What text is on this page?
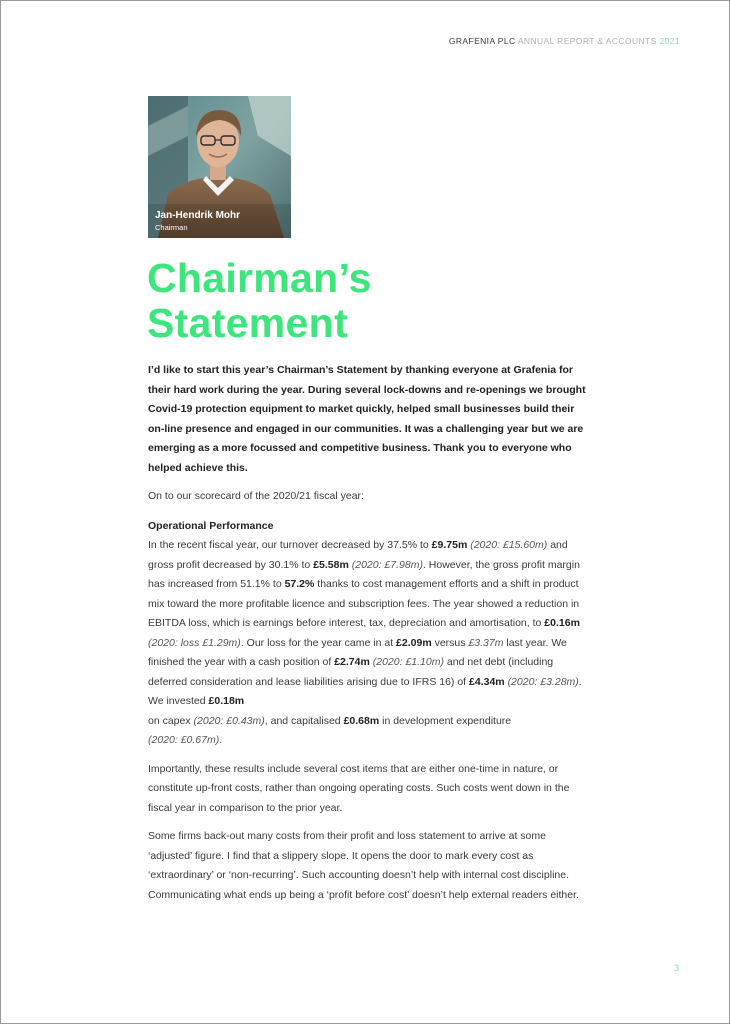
GRAFENIA PLC ANNUAL REPORT & ACCOUNTS 2021
Jan-Hendrik Mohr
Chairman
Chairman’s
Statement

I’d like to start this year’s Chairman’s Statement by thanking everyone at Grafenia for their hard work during the year. During several lock-downs and re-openings we brought Covid-19 protection equipment to market quickly, helped small businesses build their on-line presence and engaged in our communities. It was a challenging year but we are emerging as a more focussed and competitive business. Thank you to everyone who helped achieve this.

On to our scorecard of the 2020/21 fiscal year:

Operational Performance

In the recent fiscal year, our turnover decreased by 37.5% to £9.75m (2020: £15.60m) and gross profit decreased by 30.1% to £5.58m (2020: £7.98m). However, the gross profit margin has increased from 51.1% to 57.2% thanks to cost management efforts and a shift in product mix toward the more profitable licence and subscription fees. The year showed a reduction in EBITDA loss, which is earnings before interest, tax, depreciation and amortisation, to £0.16m (2020: loss £1.29m). Our loss for the year came in at £2.09m versus £3.37m last year. We finished the year with a cash position of £2.74m (2020: £1.10m) and net debt (including deferred consideration and lease liabilities arising due to IFRS 16) of £4.34m (2020: £3.28m). We invested £0.18m
on capex (2020: £0.43m), and capitalised £0.68m in development expenditure
(2020: £0.67m).

Importantly, these results include several cost items that are either one-time in nature, or constitute up-front costs, rather than ongoing operating costs. Such costs went down in the fiscal year in comparison to the prior year.

Some firms back-out many costs from their profit and loss statement to arrive at some ‘adjusted’ figure. I find that a slippery slope. It opens the door to mark every cost as ‘extraordinary’ or ‘non-recurring’. Such accounting doesn’t help with internal cost discipline. Communicating what ends up being a ‘profit before cost’ doesn’t help external readers either.

3
